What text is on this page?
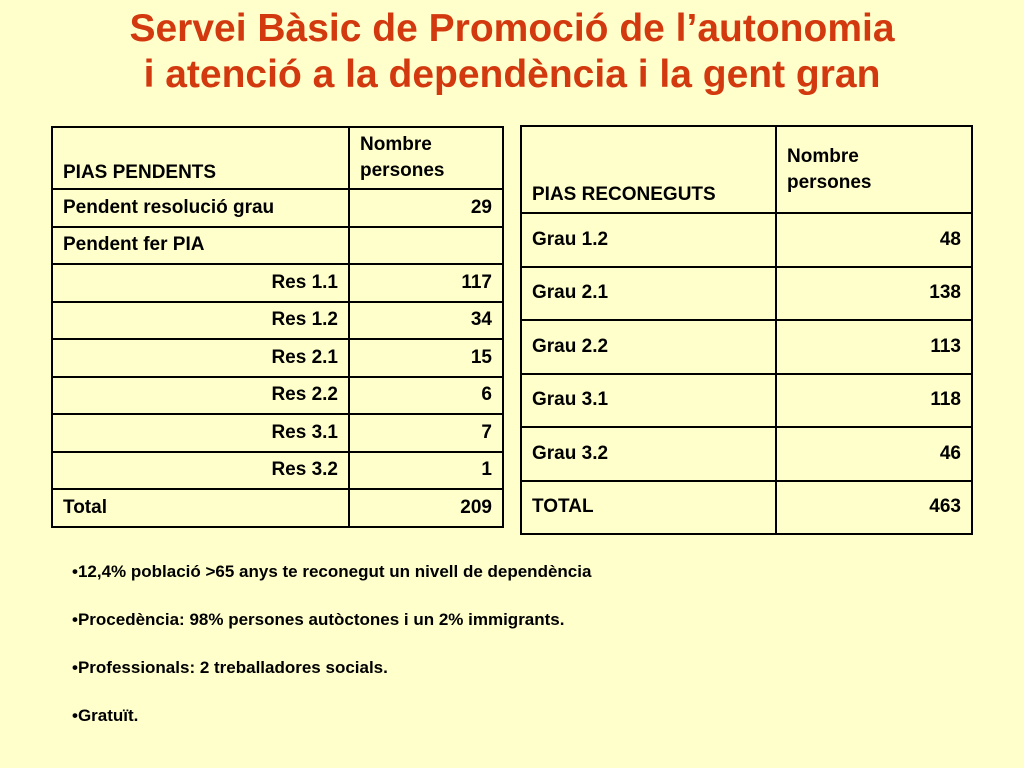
Servei Bàsic de Promoció de l’autonomia
i atenció a la dependència i la gent gran
PIAS PENDENTS	Nombre
persones
Pendent resolució grau	29
Pendent fer PIA	
Res 1.1	117
Res 1.2	34
Res 2.1	15
Res 2.2	6
Res 3.1	7
Res 3.2	1
Total	209
PIAS RECONEGUTS	Nombre
persones
Grau 1.2	48
Grau 2.1	138
Grau 2.2	113
Grau 3.1	118
Grau 3.2	46
TOTAL	463
•12,4% població >65 anys te reconegut un nivell de dependència
•Procedència: 98% persones autòctones i un 2% immigrants.
•Professionals: 2 treballadores socials.
•Gratuït.
